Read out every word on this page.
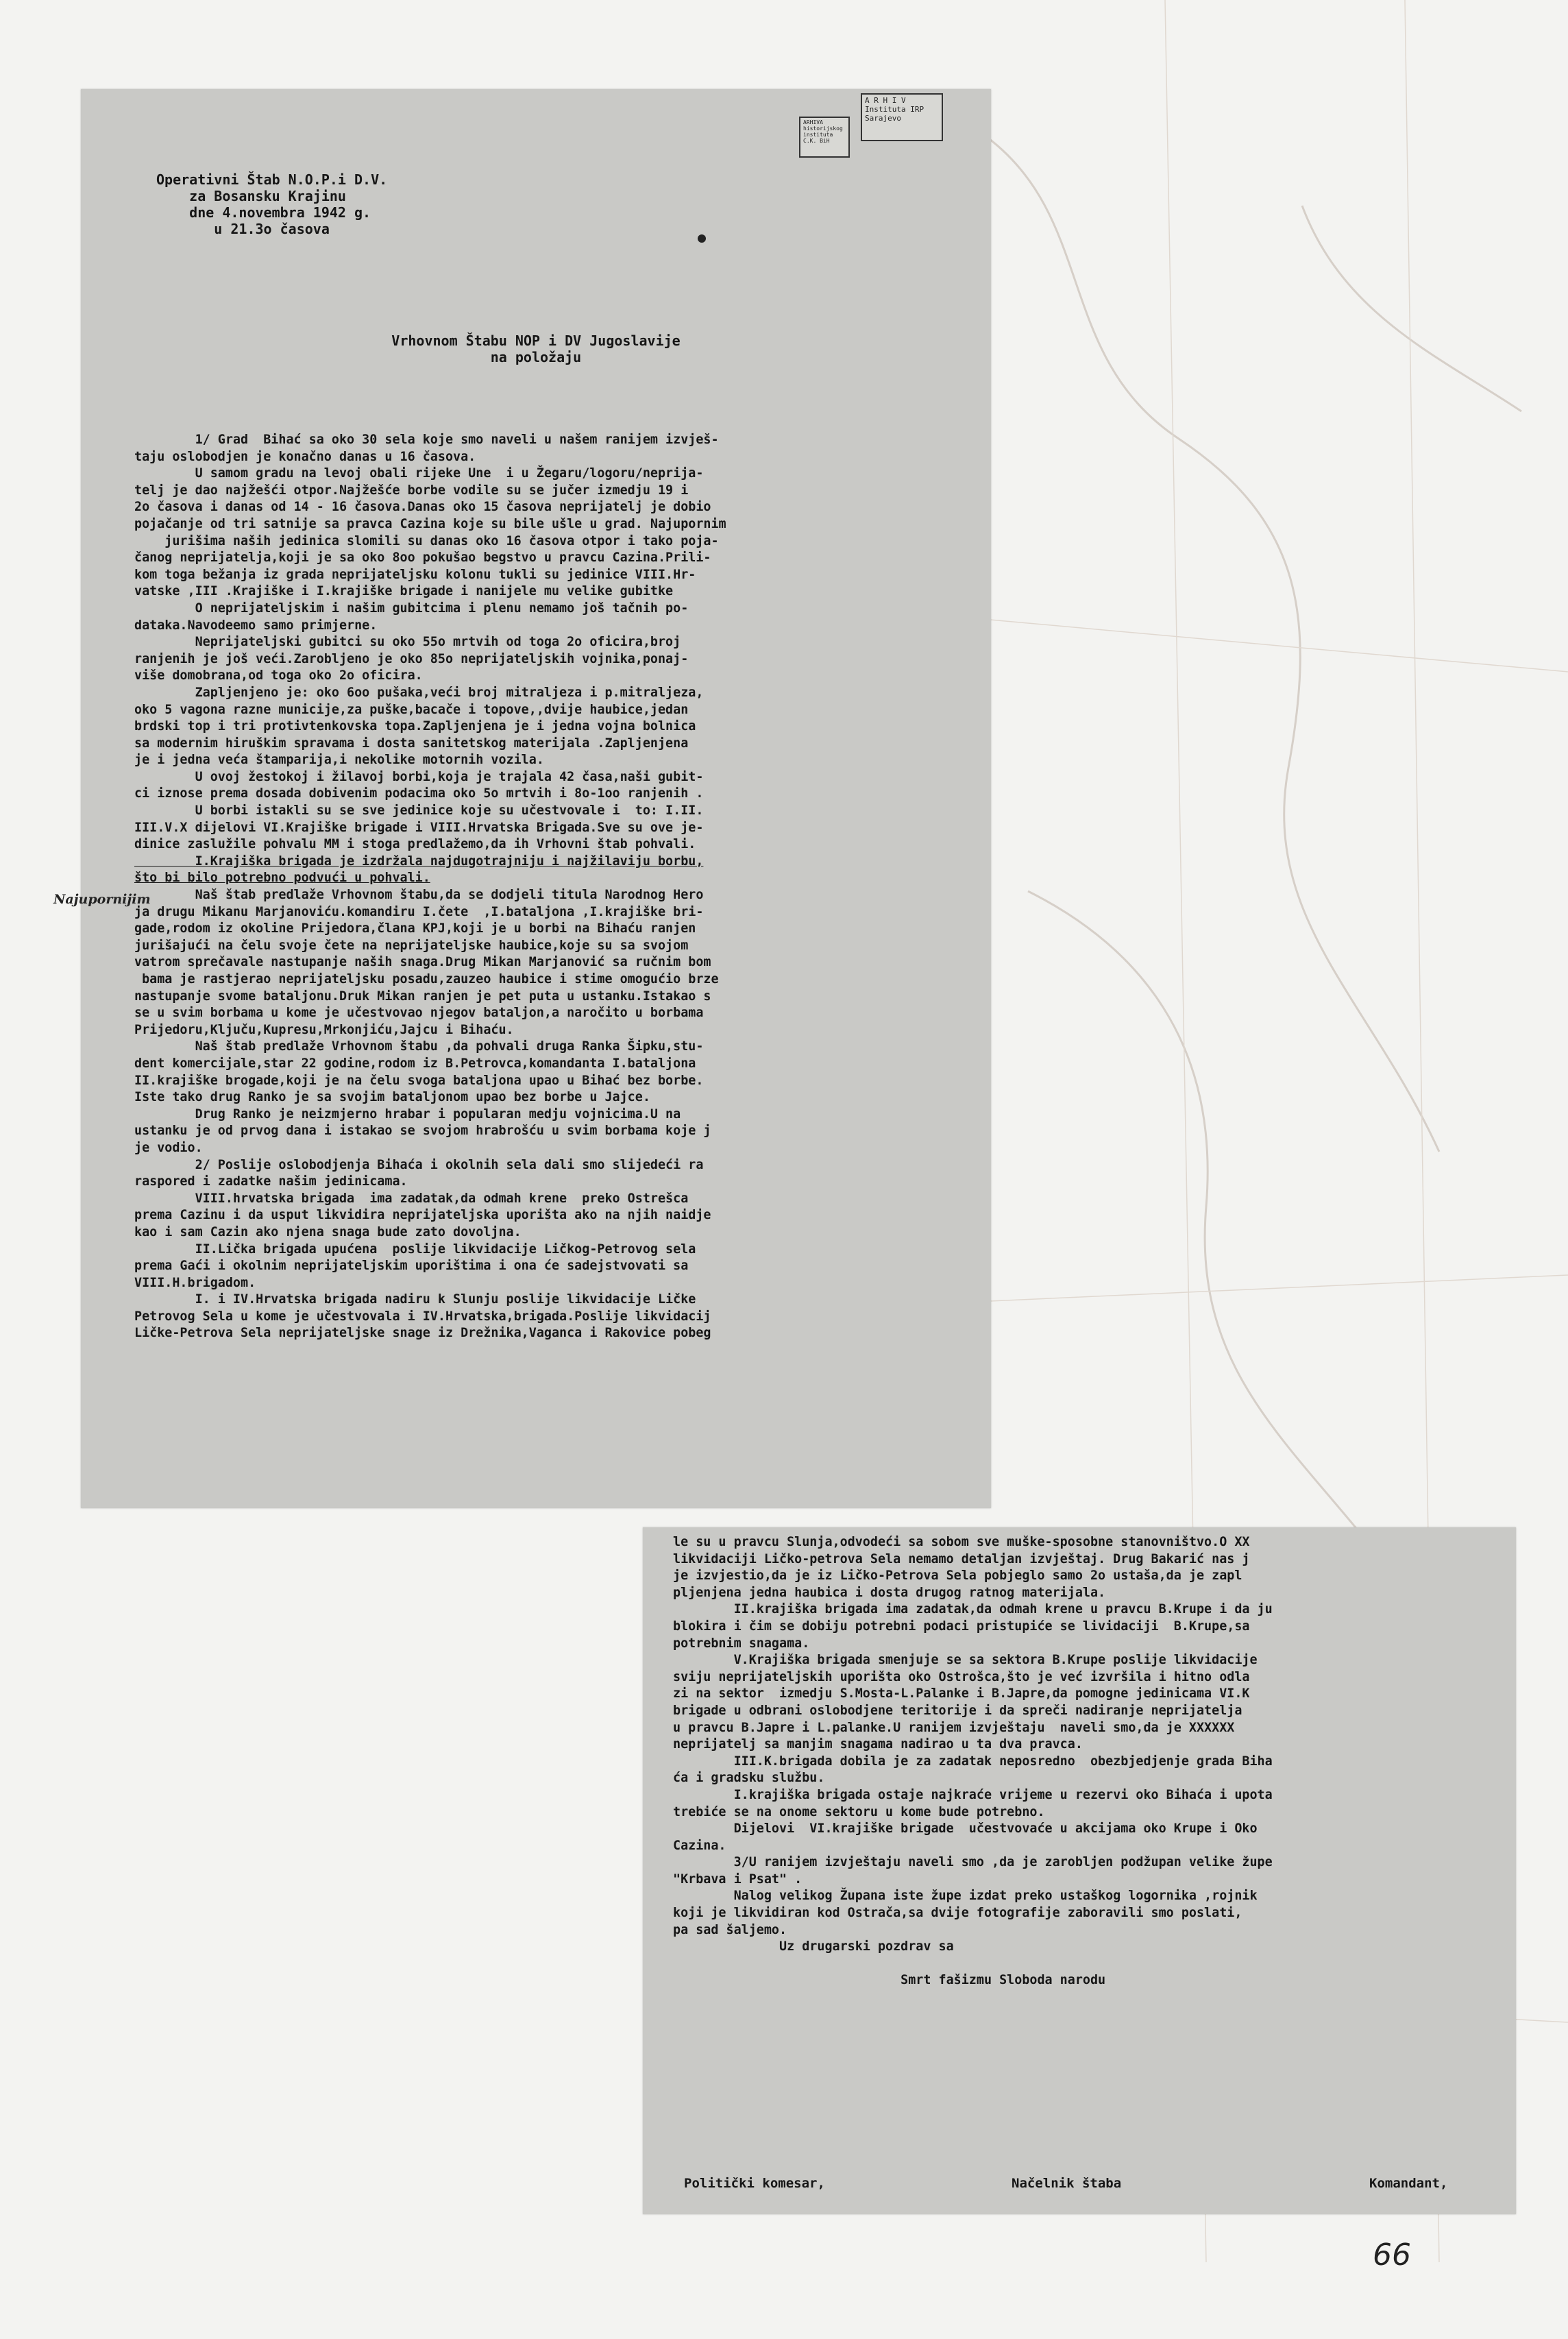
ARHIVA
historijskog
instituta
C.K. BiH
A R H I V
Instituta IRP
Sarajevo
Operativni Štab N.O.P.i D.V.
za Bosansku Krajinu
dne 4.novembra 1942 g.
u 21.3o časova
Vrhovnom Štabu NOP i DV Jugoslavije
na položaju
Najupornijim
1/ Grad  Bihać sa oko 30 sela koje smo naveli u našem ranijem izvješ-
taju oslobodjen je konačno danas u 16 časova.
U samom gradu na levoj obali rijeke Une  i u Žegaru/logoru/neprija-
telj je dao najžešći otpor.Najžešće borbe vodile su se jučer izmedju 19 i
2o časova i danas od 14 - 16 časova.Danas oko 15 časova neprijatelj je dobio
pojačanje od tri satnije sa pravca Cazina koje su bile ušle u grad. Najupornim
jurišima naših jedinica slomili su danas oko 16 časova otpor i tako poja-
čanog neprijatelja,koji je sa oko 8oo pokušao begstvo u pravcu Cazina.Prili-
kom toga bežanja iz grada neprijateljsku kolonu tukli su jedinice VIII.Hr-
vatske ,III .Krajiške i I.krajiške brigade i nanijele mu velike gubitke
O neprijateljskim i našim gubitcima i plenu nemamo još tačnih po-
dataka.Navodeemo samo primjerne.
Neprijateljski gubitci su oko 55o mrtvih od toga 2o oficira,broj
ranjenih je još veći.Zarobljeno je oko 85o neprijateljskih vojnika,ponaj-
više domobrana,od toga oko 2o oficira.
Zapljenjeno je: oko 6oo pušaka,veći broj mitraljeza i p.mitraljeza,
oko 5 vagona razne municije,za puške,bacače i topove,,dvije haubice,jedan
brdski top i tri protivtenkovska topa.Zapljenjena je i jedna vojna bolnica
sa modernim hiruškim spravama i dosta sanitetskog materijala .Zapljenjena
je i jedna veća štamparija,i nekolike motornih vozila.
U ovoj žestokoj i žilavoj borbi,koja je trajala 42 časa,naši gubit-
ci iznose prema dosada dobivenim podacima oko 5o mrtvih i 8o-1oo ranjenih .
U borbi istakli su se sve jedinice koje su učestvovale i  to: I.II.
III.V.X dijelovi VI.Krajiške brigade i VIII.Hrvatska Brigada.Sve su ove je-
dinice zaslužile pohvalu MM i stoga predlažemo,da ih Vrhovni štab pohvali.
I.Krajiška brigada je izdržala najdugotrajniju i najžilaviju borbu,
što bi bilo potrebno podvući u pohvali.
Naš štab predlaže Vrhovnom štabu,da se dodjeli titula Narodnog Hero
ja drugu Mikanu Marjanoviću.komandiru I.čete  ,I.bataljona ,I.krajiške bri-
gade,rodom iz okoline Prijedora,člana KPJ,koji je u borbi na Bihaću ranjen
jurišajući na čelu svoje čete na neprijateljske haubice,koje su sa svojom
vatrom sprečavale nastupanje naših snaga.Drug Mikan Marjanović sa ručnim bom
bama je rastjerao neprijateljsku posadu,zauzeo haubice i stime omogućio brze
nastupanje svome bataljonu.Druk Mikan ranjen je pet puta u ustanku.Istakao s
se u svim borbama u kome je učestvovao njegov bataljon,a naročito u borbama
Prijedoru,Ključu,Kupresu,Mrkonjiću,Jajcu i Bihaću.
Naš štab predlaže Vrhovnom štabu ,da pohvali druga Ranka Šipku,stu-
dent komercijale,star 22 godine,rodom iz B.Petrovca,komandanta I.bataljona
II.krajiške brogade,koji je na čelu svoga bataljona upao u Bihać bez borbe.
Iste tako drug Ranko je sa svojim bataljonom upao bez borbe u Jajce.
Drug Ranko je neizmjerno hrabar i popularan medju vojnicima.U na
ustanku je od prvog dana i istakao se svojom hrabrošću u svim borbama koje j
je vodio.
2/ Poslije oslobodjenja Bihaća i okolnih sela dali smo slijedeći ra
raspored i zadatke našim jedinicama.
VIII.hrvatska brigada  ima zadatak,da odmah krene  preko Ostrešca
prema Cazinu i da usput likvidira neprijateljska uporišta ako na njih naidje
kao i sam Cazin ako njena snaga bude zato dovoljna.
II.Lička brigada upućena  poslije likvidacije Ličkog-Petrovog sela
prema Gaći i okolnim neprijateljskim uporištima i ona će sadejstvovati sa
VIII.H.brigadom.
I. i IV.Hrvatska brigada nadiru k Slunju poslije likvidacije Ličke
Petrovog Sela u kome je učestvovala i IV.Hrvatska,brigada.Poslije likvidacij
Ličke-Petrova Sela neprijateljske snage iz Drežnika,Vaganca i Rakovice pobeg
le su u pravcu Slunja,odvodeći sa sobom sve muške-sposobne stanovništvo.O XX
likvidaciji Ličko-petrova Sela nemamo detaljan izvještaj. Drug Bakarić nas j
je izvjestio,da je iz Ličko-Petrova Sela pobjeglo samo 2o ustaša,da je zapl
pljenjena jedna haubica i dosta drugog ratnog materijala.
II.krajiška brigada ima zadatak,da odmah krene u pravcu B.Krupe i da ju
blokira i čim se dobiju potrebni podaci pristupiće se lividaciji  B.Krupe,sa
potrebnim snagama.
V.Krajiška brigada smenjuje se sa sektora B.Krupe poslije likvidacije
sviju neprijateljskih uporišta oko Ostrošca,što je već izvršila i hitno odla
zi na sektor  izmedju S.Mosta-L.Palanke i B.Japre,da pomogne jedinicama VI.K
brigade u odbrani oslobodjene teritorije i da spreči nadiranje neprijatelja
u pravcu B.Japre i L.palanke.U ranijem izvještaju  naveli smo,da je XXXXXX
neprijatelj sa manjim snagama nadirao u ta dva pravca.
III.K.brigada dobila je za zadatak neposredno  obezbjedjenje grada Biha
ća i gradsku službu.
I.krajiška brigada ostaje najkraće vrijeme u rezervi oko Bihaća i upota
trebiće se na onome sektoru u kome bude potrebno.
Dijelovi  VI.krajiške brigade  učestvovaće u akcijama oko Krupe i Oko
Cazina.
3/U ranijem izvještaju naveli smo ,da je zarobljen podžupan velike župe
"Krbava i Psat" .
Nalog velikog Župana iste župe izdat preko ustaškog logornika ,rojnik
koji je likvidiran kod Ostrača,sa dvije fotografije zaboravili smo poslati,
pa sad šaljemo.
Uz drugarski pozdrav sa

Smrt fašizmu Sloboda narodu
Politički komesar,	Načelnik štaba	Komandant,
66
